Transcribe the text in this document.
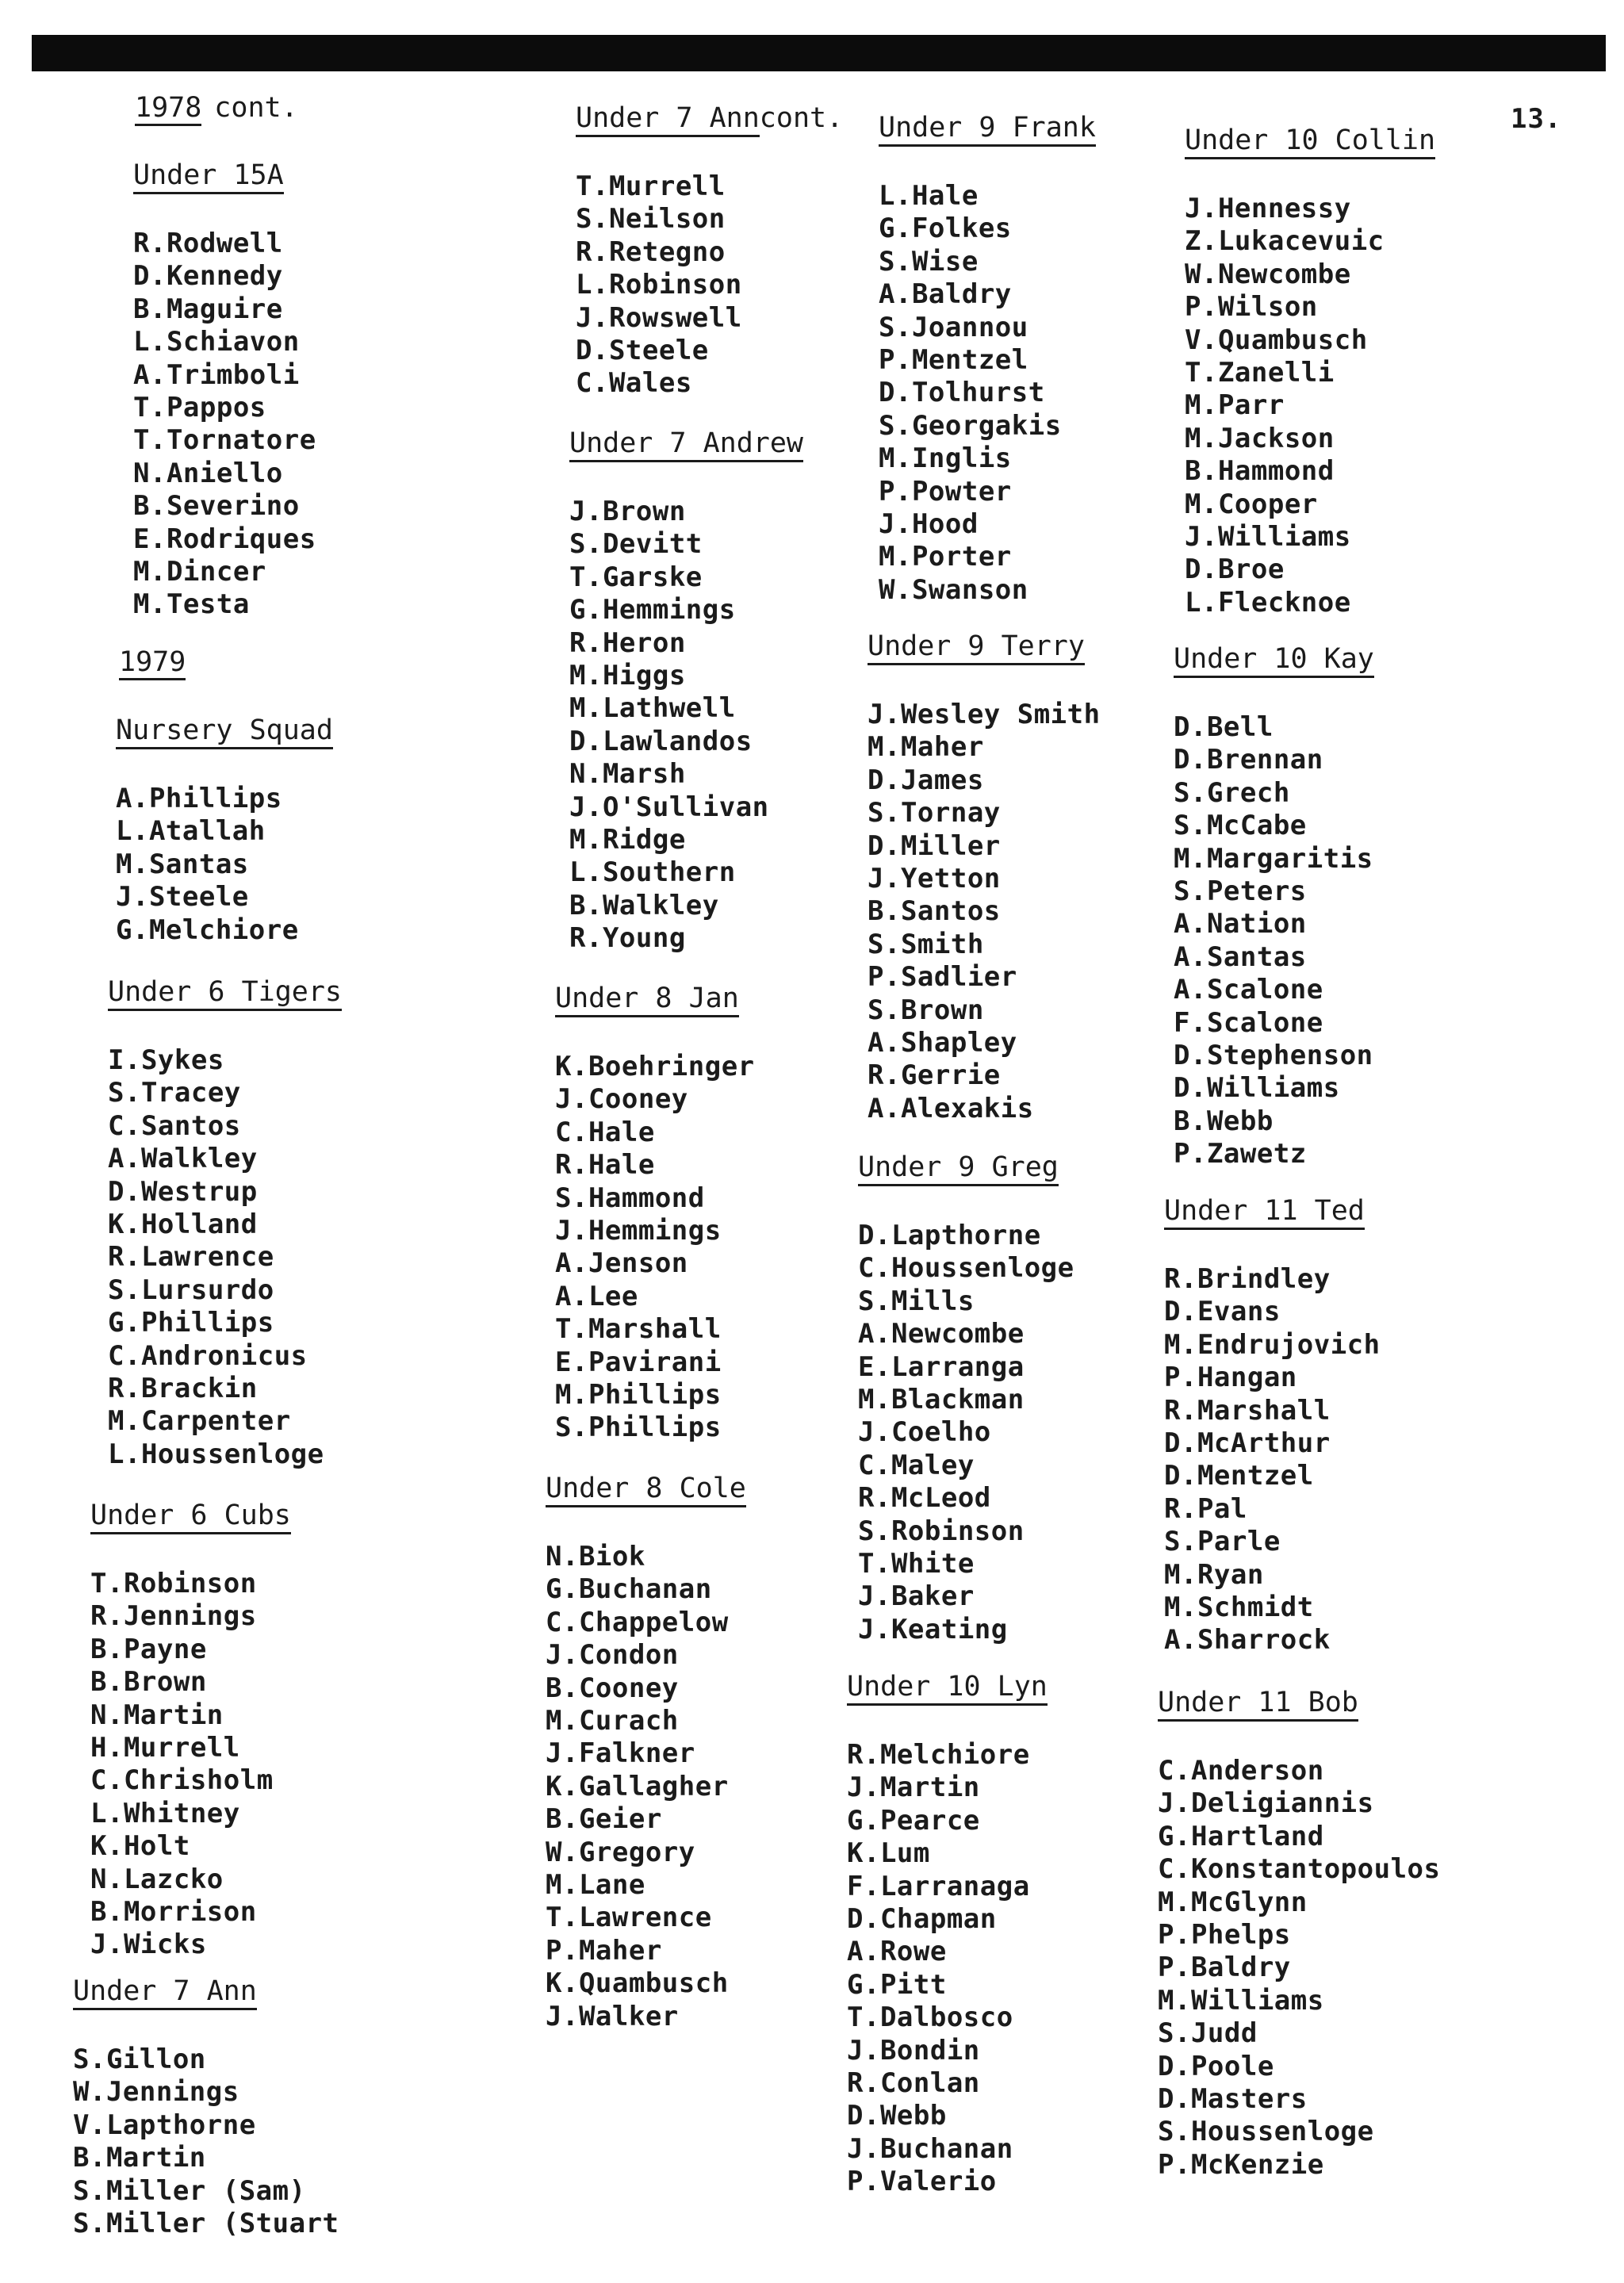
13.
1978 cont.
1979
Under 15A
R.Rodwell
D.Kennedy
B.Maguire
L.Schiavon
A.Trimboli
T.Pappos
T.Tornatore
N.Aniello
B.Severino
E.Rodriques
M.Dincer
M.Testa
Nursery Squad
A.Phillips
L.Atallah
M.Santas
J.Steele
G.Melchiore
Under 6 Tigers
I.Sykes
S.Tracey
C.Santos
A.Walkley
D.Westrup
K.Holland
R.Lawrence
S.Lursurdo
G.Phillips
C.Andronicus
R.Brackin
M.Carpenter
L.Houssenloge
Under 6 Cubs
T.Robinson
R.Jennings
B.Payne
B.Brown
N.Martin
H.Murrell
C.Chrisholm
L.Whitney
K.Holt
N.Lazcko
B.Morrison
J.Wicks
Under 7 Ann
S.Gillon
W.Jennings
V.Lapthorne
B.Martin
S.Miller (Sam)
S.Miller (Stuart
Under 7 Anncont.
T.Murrell
S.Neilson
R.Retegno
L.Robinson
J.Rowswell
D.Steele
C.Wales
Under 7 Andrew
J.Brown
S.Devitt
T.Garske
G.Hemmings
R.Heron
M.Higgs
M.Lathwell
D.Lawlandos
N.Marsh
J.O'Sullivan
M.Ridge
L.Southern
B.Walkley
R.Young
Under 8 Jan
K.Boehringer
J.Cooney
C.Hale
R.Hale
S.Hammond
J.Hemmings
A.Jenson
A.Lee
T.Marshall
E.Pavirani
M.Phillips
S.Phillips
Under 8 Cole
N.Biok
G.Buchanan
C.Chappelow
J.Condon
B.Cooney
M.Curach
J.Falkner
K.Gallagher
B.Geier
W.Gregory
M.Lane
T.Lawrence
P.Maher
K.Quambusch
J.Walker
Under 9 Frank
L.Hale
G.Folkes
S.Wise
A.Baldry
S.Joannou
P.Mentzel
D.Tolhurst
S.Georgakis
M.Inglis
P.Powter
J.Hood
M.Porter
W.Swanson
Under 9 Terry
J.Wesley Smith
M.Maher
D.James
S.Tornay
D.Miller
J.Yetton
B.Santos
S.Smith
P.Sadlier
S.Brown
A.Shapley
R.Gerrie
A.Alexakis
Under 9 Greg
D.Lapthorne
C.Houssenloge
S.Mills
A.Newcombe
E.Larranga
M.Blackman
J.Coelho
C.Maley
R.McLeod
S.Robinson
T.White
J.Baker
J.Keating
Under 10 Lyn
R.Melchiore
J.Martin
G.Pearce
K.Lum
F.Larranaga
D.Chapman
A.Rowe
G.Pitt
T.Dalbosco
J.Bondin
R.Conlan
D.Webb
J.Buchanan
P.Valerio
Under 10 Collin
J.Hennessy
Z.Lukacevuic
W.Newcombe
P.Wilson
V.Quambusch
T.Zanelli
M.Parr
M.Jackson
B.Hammond
M.Cooper
J.Williams
D.Broe
L.Flecknoe
Under 10 Kay
D.Bell
D.Brennan
S.Grech
S.McCabe
M.Margaritis
S.Peters
A.Nation
A.Santas
A.Scalone
F.Scalone
D.Stephenson
D.Williams
B.Webb
P.Zawetz
Under 11 Ted
R.Brindley
D.Evans
M.Endrujovich
P.Hangan
R.Marshall
D.McArthur
D.Mentzel
R.Pal
S.Parle
M.Ryan
M.Schmidt
A.Sharrock
Under 11 Bob
C.Anderson
J.Deligiannis
G.Hartland
C.Konstantopoulos
M.McGlynn
P.Phelps
P.Baldry
M.Williams
S.Judd
D.Poole
D.Masters
S.Houssenloge
P.McKenzie
